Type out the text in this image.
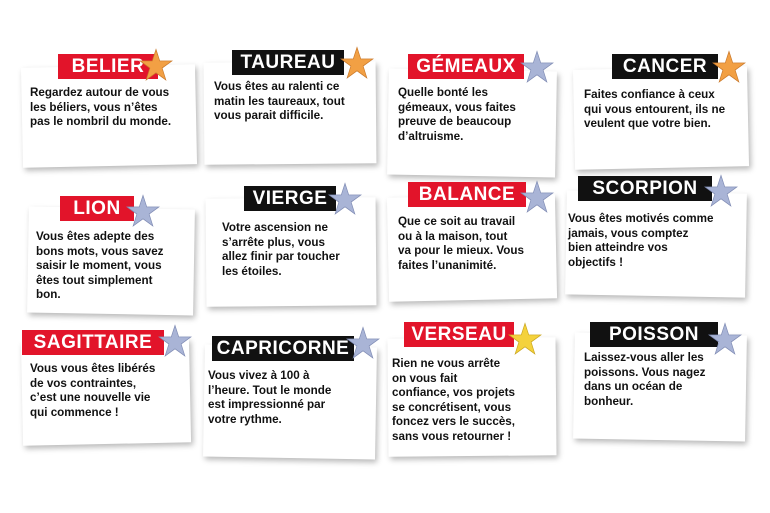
BELIER	TAUREAU	GÉMEAUX	CANCER
LION	VIERGE	BALANCE	SCORPION
SAGITTAIRE	CAPRICORNE
VERSEAU	POISSON
Regardez autour de vous
les béliers, vous n’êtes
pas le nombril du monde.
Vous êtes au ralenti ce
matin les taureaux, tout
vous parait difficile.
Quelle bonté les
gémeaux, vous faites
preuve de beaucoup
d’altruisme.
Faites confiance à ceux
qui vous entourent, ils ne
veulent que votre bien.
Vous êtes adepte des
bons mots, vous savez
saisir le moment, vous
êtes tout simplement
bon.
Votre ascension ne
s’arrête plus, vous
allez finir par toucher
les étoiles.
Que ce soit au travail
ou à la maison, tout
va pour le mieux. Vous
faites l’unanimité.
Vous êtes motivés comme
jamais, vous comptez
bien atteindre vos
objectifs !
Vous vous êtes libérés
de vos contraintes,
c’est une nouvelle vie
qui commence !
Vous vivez à 100 à
l’heure. Tout le monde
est impressionné par
votre rythme.
Rien ne vous arrête
on vous fait
confiance, vos projets
se concrétisent, vous
foncez vers le succès,
sans vous retourner !
Laissez-vous aller les
poissons. Vous nagez
dans un océan de
bonheur.
